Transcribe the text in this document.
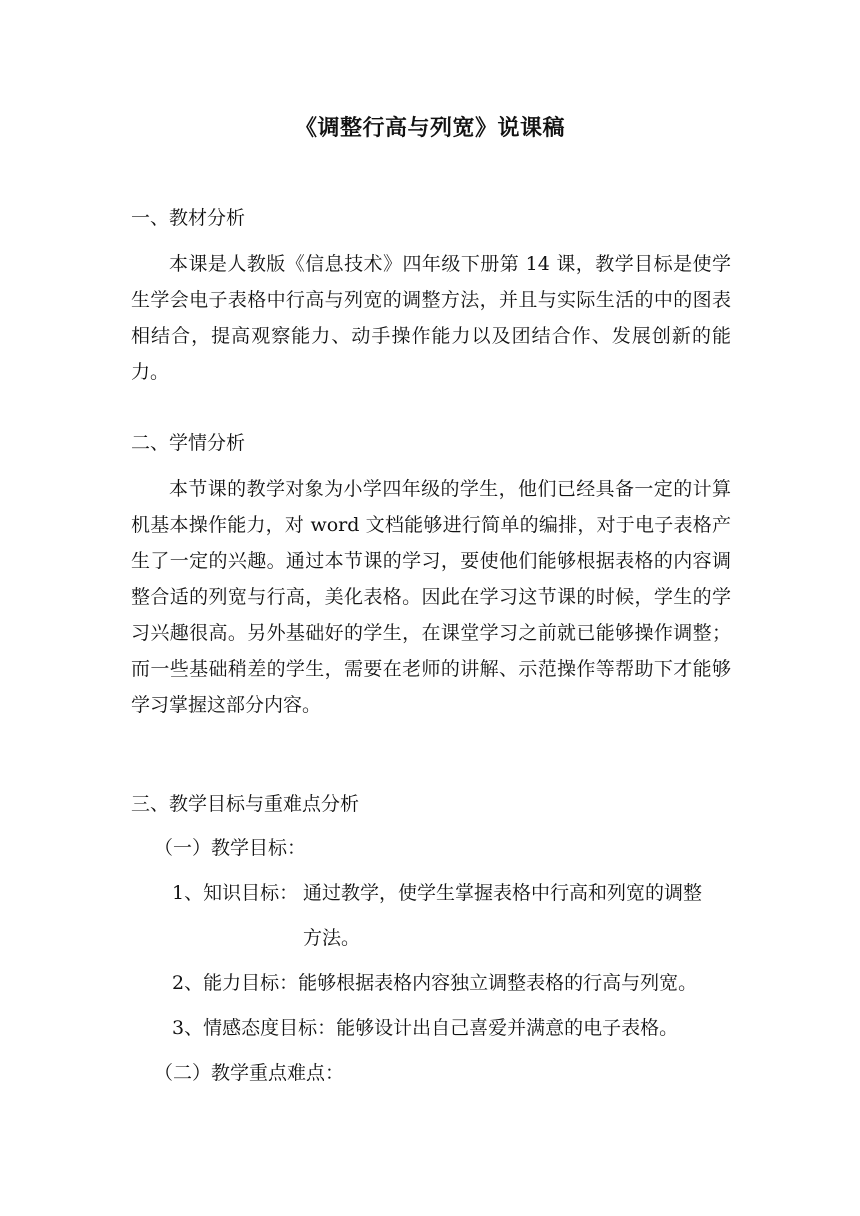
《调整行高与列宽》说课稿
一、教材分析
本课是人教版《信息技术》四年级下册第 14 课，教学目标是使学生学会电子表格中行高与列宽的调整方法，并且与实际生活的中的图表相结合，提高观察能力、动手操作能力以及团结合作、发展创新的能力。
二、学情分析
本节课的教学对象为小学四年级的学生，他们已经具备一定的计算机基本操作能力，对 word 文档能够进行简单的编排，对于电子表格产生了一定的兴趣。通过本节课的学习，要使他们能够根据表格的内容调整合适的列宽与行高，美化表格。因此在学习这节课的时候，学生的学习兴趣很高。另外基础好的学生，在课堂学习之前就已能够操作调整；而一些基础稍差的学生，需要在老师的讲解、示范操作等帮助下才能够学习掌握这部分内容。
三、教学目标与重难点分析
（一）教学目标：
1、知识目标： 通过教学，使学生掌握表格中行高和列宽的调整
方法。
2、能力目标：能够根据表格内容独立调整表格的行高与列宽。
3、情感态度目标：能够设计出自己喜爱并满意的电子表格。
（二）教学重点难点：
